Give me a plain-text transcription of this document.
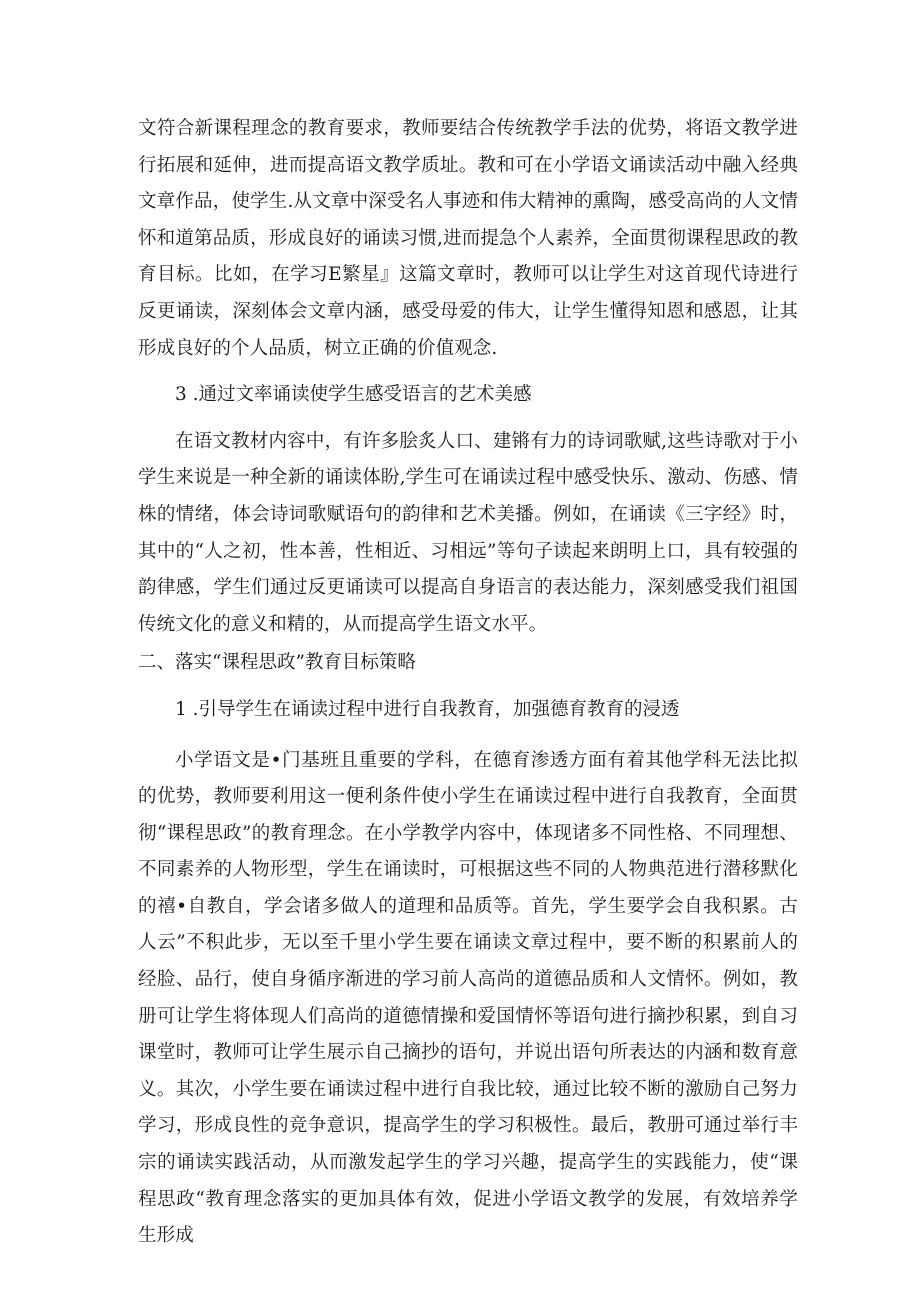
文符合新课程理念的教育要求，教师要结合传统教学手法的优势，将语文教学进行拓展和延伸，进而提高语文教学质址。教和可在小学语文诵读活动中融入经典文章作品，使学生.从文章中深受名人事迹和伟大精神的熏陶，感受高尚的人文情怀和道第品质，形成良好的诵读习惯,进而提急个人素养，全面贯彻课程思政的教育目标。比如，在学习E繁星』这篇文章时，教师可以让学生对这首现代诗进行反更诵读，深刻体会文章内涵，感受母爱的伟大，让学生懂得知恩和感恩，让其形成良好的个人品质，树立正确的价值观念.

3 .通过文率诵读使学生感受语言的艺术美感

在语文教材内容中，有许多脍炙人口、建锵有力的诗词歌赋,这些诗歌对于小学生来说是一种全新的诵读体盼,学生可在诵读过程中感受快乐、激动、伤感、情株的情绪，体会诗词歌赋语句的韵律和艺术美播。例如，在诵读《三字经》时，其中的“人之初，性本善，性相近、习相远”等句子读起来朗明上口，具有较强的韵律感，学生们通过反更诵读可以提高自身语言的表达能力，深刻感受我们祖国传统文化的意义和精的，从而提高学生语文水平。

二、落实“课程思政”教育目标策略

1 .引导学生在诵读过程中进行自我教育，加强德育教育的浸透

小学语文是•门基班且重要的学科，在德育渗透方面有着其他学科无法比拟的优势，教师要利用这一便利条件使小学生在诵读过程中进行自我教育，全面贯彻“课程思政”的教育理念。在小学教学内容中，体现诸多不同性格、不同理想、不同素养的人物形型，学生在诵读时，可根据这些不同的人物典范进行潜移默化的禧•自教自，学会诸多做人的道理和品质等。首先，学生要学会自我积累。古人云”不积此步，无以至千里小学生要在诵读文章过程中，要不断的积累前人的经脸、品行，使自身循序渐进的学习前人高尚的道德品质和人文情怀。例如，教册可让学生将体现人们高尚的道德情操和爱国情怀等语句进行摘抄积累，到自习课堂时，教师可让学生展示自己摘抄的语句，并说出语句所表达的内涵和数育意义。其次，小学生要在诵读过程中进行自我比较，通过比较不断的激励自己努力学习，形成良性的竞争意识，提高学生的学习积极性。最后，教册可通过举行丰宗的诵读实践活动，从而激发起学生的学习兴趣，提高学生的实践能力，使“课程思政“教育理念落实的更加具体有效，促进小学语文教学的发展，有效培养学生形成
